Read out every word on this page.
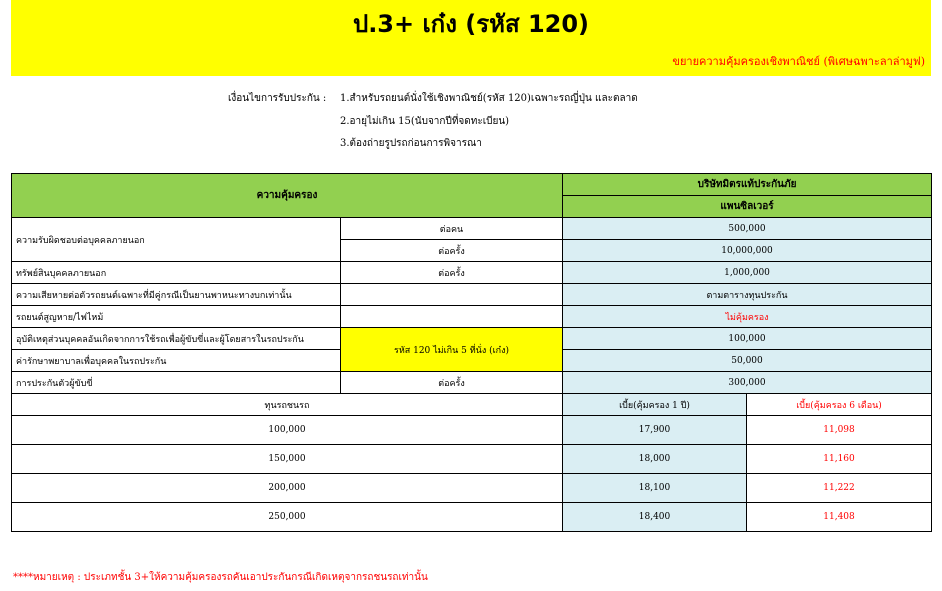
ป.3+ เก๋ง (รหัส 120)
ขยายความคุ้มครองเชิงพาณิชย์ (พิเศษฉพาะลาล่ามูฟ)
เงื่อนไขการรับประกัน : 1.สำหรับรถยนต์นั่งใช้เชิงพาณิชย์(รหัส 120)เฉพาะรถญี่ปุ่น และตลาด
2.อายุไม่เกิน 15(นับจากปีที่จดทะเบียน)
3.ต้องถ่ายรูปรถก่อนการพิจารณา
ความคุ้มครอง		บริษัทมิตรแท้ประกันภัย	
		แพนซิลเวอร์	
ความรับผิดชอบต่อบุคคลภายนอก	ต่อคน	500,000	
	ต่อครั้ง	10,000,000	
ทรัพย์สินบุคคลภายนอก	ต่อครั้ง	1,000,000	
ความเสียหายต่อตัวรถยนต์เฉพาะที่มีคู่กรณีเป็นยานพาหนะทางบกเท่านั้น		ตามตารางทุนประกัน	
รถยนต์สูญหาย/ไฟไหม้		ไม่คุ้มครอง	
อุบัติเหตุส่วนบุคคลอันเกิดจากการใช้รถเพื่อผู้ขับขี่และผู้โดยสารในรถประกัน	รหัส 120 ไม่เกิน 5 ที่นั่ง (เก๋ง)	100,000	
ค่ารักษาพยาบาลเพื่อบุคคลในรถประกัน		50,000	
การประกันตัวผู้ขับขี่	ต่อครั้ง	300,000	
ทุนรถชนรถ		เบี้ย(คุ้มครอง 1 ปี)	เบี้ย(คุ้มครอง 6 เดือน)
100,000		17,900	11,098
150,000		18,000	11,160
200,000		18,100	11,222
250,000		18,400	11,408
****หมายเหตุ : ประเภทชั้น 3+ให้ความคุ้มครองรถคันเอาประกันกรณีเกิดเหตุจากรถชนรถเท่านั้น
